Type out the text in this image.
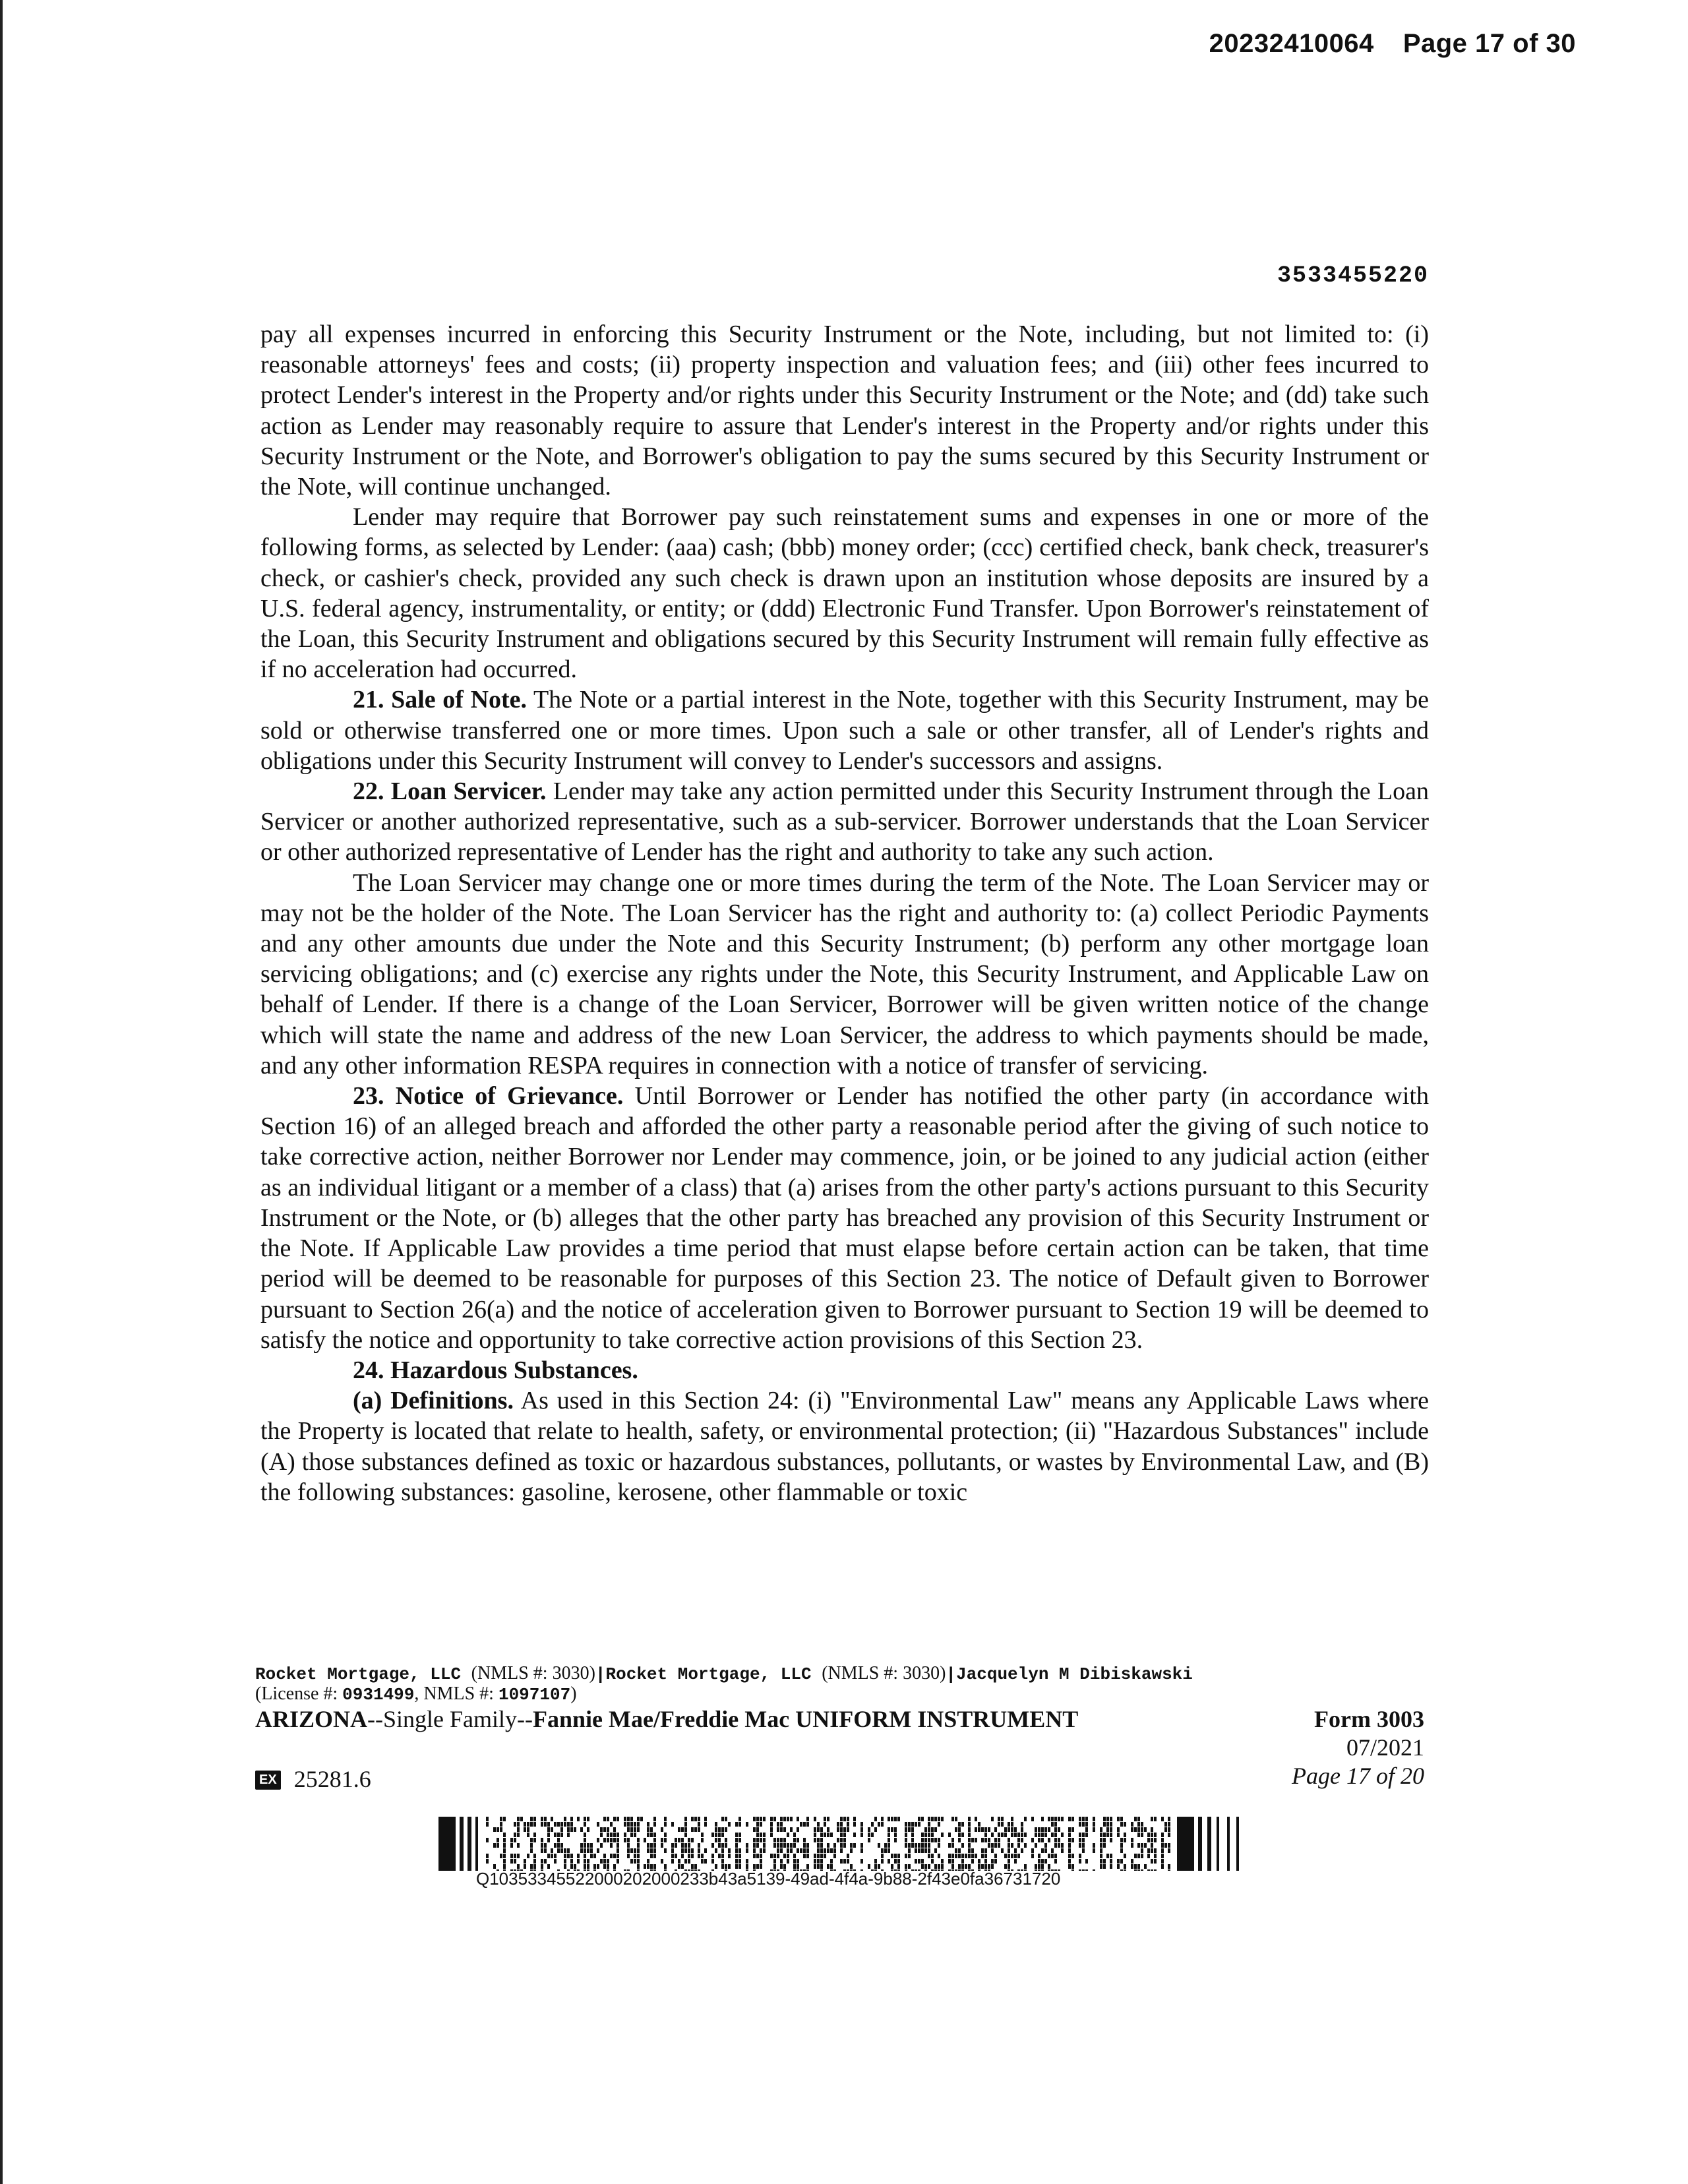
20232410064 Page 17 of 30
3533455220

pay all expenses incurred in enforcing this Security Instrument or the Note, including, but not limited to: (i) reasonable attorneys' fees and costs; (ii) property inspection and valuation fees; and (iii) other fees incurred to protect Lender's interest in the Property and/or rights under this Security Instrument or the Note; and (dd) take such action as Lender may reasonably require to assure that Lender's interest in the Property and/or rights under this Security Instrument or the Note, and Borrower's obligation to pay the sums secured by this Security Instrument or the Note, will continue unchanged.

Lender may require that Borrower pay such reinstatement sums and expenses in one or more of the following forms, as selected by Lender: (aaa) cash; (bbb) money order; (ccc) certified check, bank check, treasurer's check, or cashier's check, provided any such check is drawn upon an institution whose deposits are insured by a U.S. federal agency, instrumentality, or entity; or (ddd) Electronic Fund Transfer. Upon Borrower's reinstatement of the Loan, this Security Instrument and obligations secured by this Security Instrument will remain fully effective as if no acceleration had occurred.

21. Sale of Note. The Note or a partial interest in the Note, together with this Security Instrument, may be sold or otherwise transferred one or more times. Upon such a sale or other transfer, all of Lender's rights and obligations under this Security Instrument will convey to Lender's successors and assigns.

22. Loan Servicer. Lender may take any action permitted under this Security Instrument through the Loan Servicer or another authorized representative, such as a sub-servicer. Borrower understands that the Loan Servicer or other authorized representative of Lender has the right and authority to take any such action.

The Loan Servicer may change one or more times during the term of the Note. The Loan Servicer may or may not be the holder of the Note. The Loan Servicer has the right and authority to: (a) collect Periodic Payments and any other amounts due under the Note and this Security Instrument; (b) perform any other mortgage loan servicing obligations; and (c) exercise any rights under the Note, this Security Instrument, and Applicable Law on behalf of Lender. If there is a change of the Loan Servicer, Borrower will be given written notice of the change which will state the name and address of the new Loan Servicer, the address to which payments should be made, and any other information RESPA requires in connection with a notice of transfer of servicing.

23. Notice of Grievance. Until Borrower or Lender has notified the other party (in accordance with Section 16) of an alleged breach and afforded the other party a reasonable period after the giving of such notice to take corrective action, neither Borrower nor Lender may commence, join, or be joined to any judicial action (either as an individual litigant or a member of a class) that (a) arises from the other party's actions pursuant to this Security Instrument or the Note, or (b) alleges that the other party has breached any provision of this Security Instrument or the Note. If Applicable Law provides a time period that must elapse before certain action can be taken, that time period will be deemed to be reasonable for purposes of this Section 23. The notice of Default given to Borrower pursuant to Section 26(a) and the notice of acceleration given to Borrower pursuant to Section 19 will be deemed to satisfy the notice and opportunity to take corrective action provisions of this Section 23.

24. Hazardous Substances.

(a) Definitions. As used in this Section 24: (i) "Environmental Law" means any Applicable Laws where the Property is located that relate to health, safety, or environmental protection; (ii) "Hazardous Substances" include (A) those substances defined as toxic or hazardous substances, pollutants, or wastes by Environmental Law, and (B) the following substances: gasoline, kerosene, other flammable or toxic

Rocket Mortgage, LLC (NMLS #: 3030)|Rocket Mortgage, LLC (NMLS #: 3030)|Jacquelyn M Dibiskawski
(License #: 0931499, NMLS #: 1097107)
ARIZONA--Single Family--Fannie Mae/Freddie Mac UNIFORM INSTRUMENT	Form 3003
07/2021
Page 17 of 20
EX 25281.6
Q10353345522000202000233b43a5139-49ad-4f4a-9b88-2f43e0fa36731720
